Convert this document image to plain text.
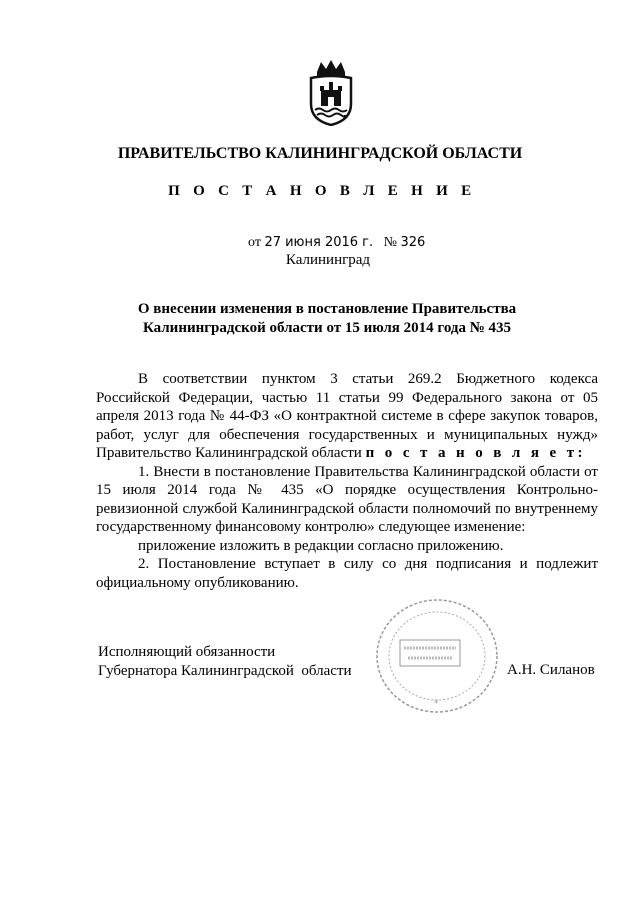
ПРАВИТЕЛЬСТВО КАЛИНИНГРАДСКОЙ ОБЛАСТИ
П О С Т А Н О В Л Е Н И Е
от 27 июня 2016 г. № 326
Калининград
О внесении изменения в постановление Правительства
Калининградской области от 15 июля 2014 года № 435

В соответствии пунктом 3 статьи 269.2 Бюджетного кодекса Российской Федерации, частью 11 статьи 99 Федерального закона от 05 апреля 2013 года № 44-ФЗ «О контрактной системе в сфере закупок товаров, работ, услуг для обеспечения государственных и муниципальных нужд» Правительство Калининградской области п о с т а н о в л я е т:

1. Внести в постановление Правительства Калининградской области от 15 июля 2014 года № 435 «О порядке осуществления Контрольно-ревизионной службой Калининградской области полномочий по внутреннему государственному финансовому контролю» следующее изменение:

приложение изложить в редакции согласно приложению.

2. Постановление вступает в силу со дня подписания и подлежит официальному опубликованию.

Исполняющий обязанности
Губернатора Калининградской  области
*
А.Н. Силанов
